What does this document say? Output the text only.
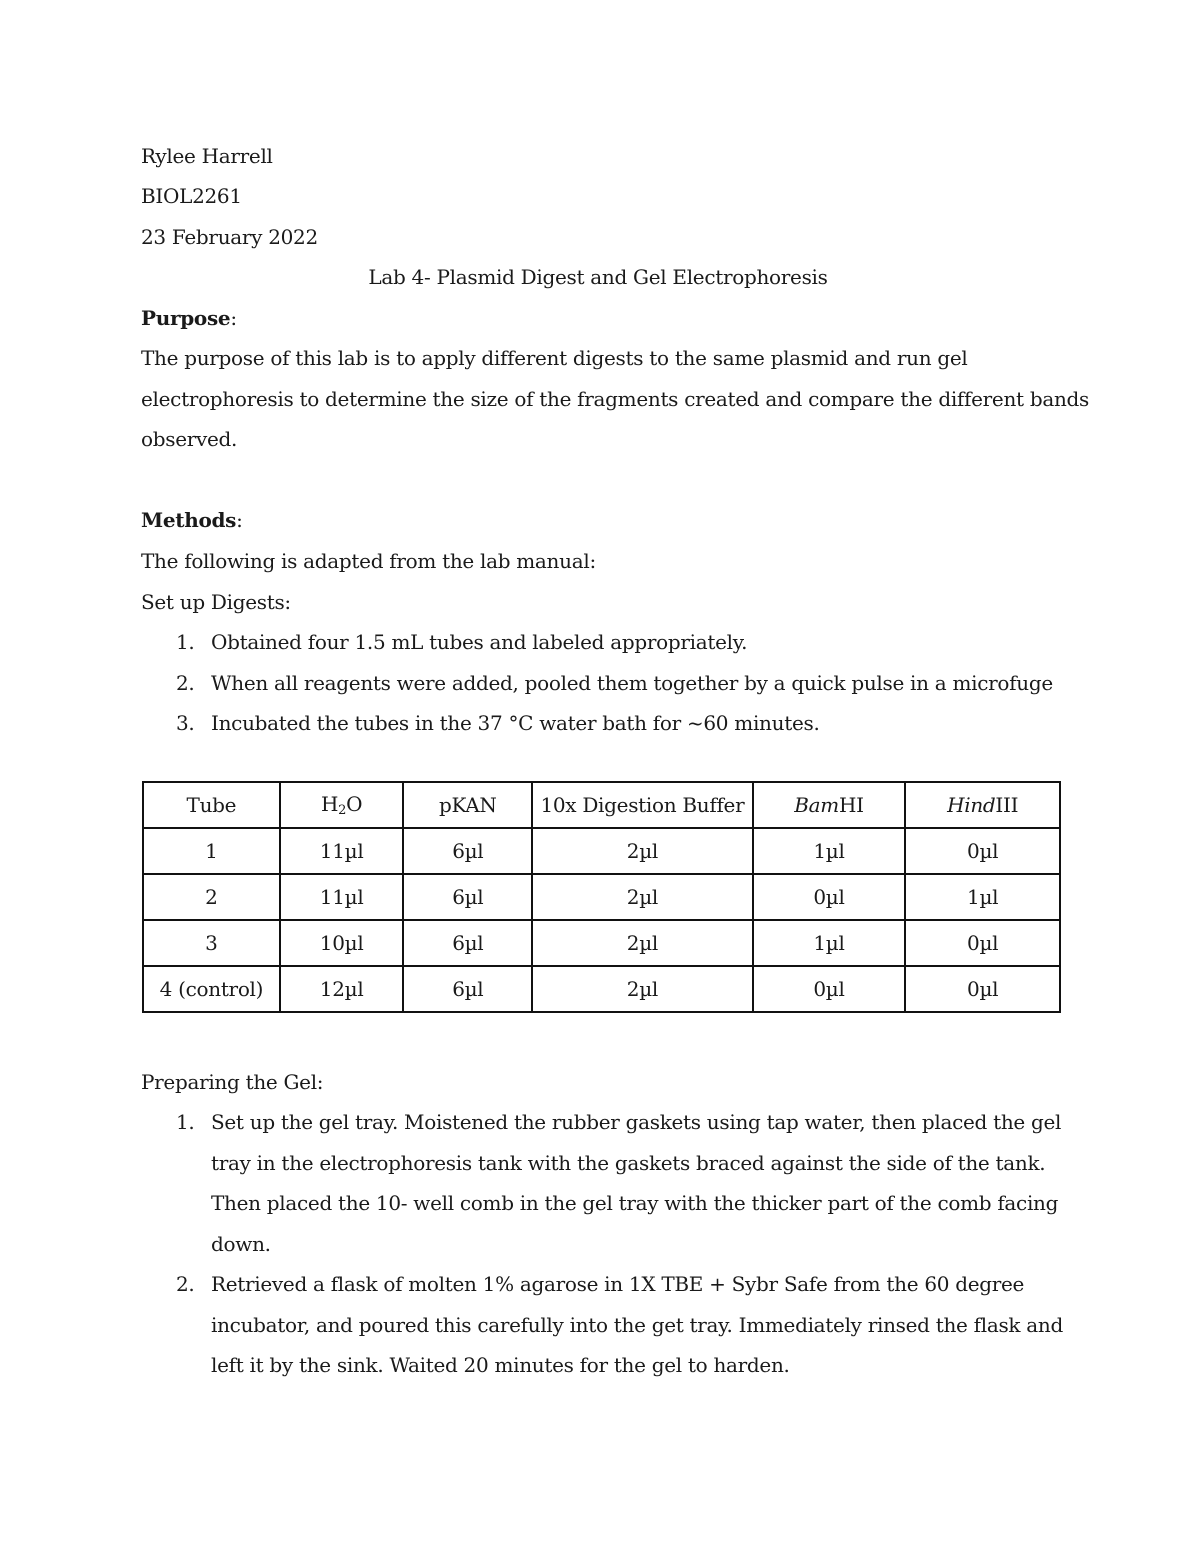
Rylee Harrell
BIOL2261
23 February 2022
Lab 4- Plasmid Digest and Gel Electrophoresis
Purpose:
The purpose of this lab is to apply different digests to the same plasmid and run gel
electrophoresis to determine the size of the fragments created and compare the different bands
observed.
Methods:
The following is adapted from the lab manual:
Set up Digests:
1. Obtained four 1.5 mL tubes and labeled appropriately.
2. When all reagents were added, pooled them together by a quick pulse in a microfuge
3. Incubated the tubes in the 37 °C water bath for ~60 minutes.
Tube	$H_2O$	pKAN	10x Digestion Buffer	BamHI	HindIII
1	11µl	6µl	2µl	1µl	0µl
2	11µl	6µl	2µl	0µl	1µl
3	10µl	6µl	2µl	1µl	0µl
4 (control)	12µl	6µl	2µl	0µl	0µl
Preparing the Gel:
1. Set up the gel tray. Moistened the rubber gaskets using tap water, then placed the gel tray in the electrophoresis tank with the gaskets braced against the side of the tank. Then placed the 10- well comb in the gel tray with the thicker part of the comb facing down.
2. Retrieved a flask of molten 1% agarose in 1X TBE + Sybr Safe from the 60 degree incubator, and poured this carefully into the get tray. Immediately rinsed the flask and left it by the sink. Waited 20 minutes for the gel to harden.
